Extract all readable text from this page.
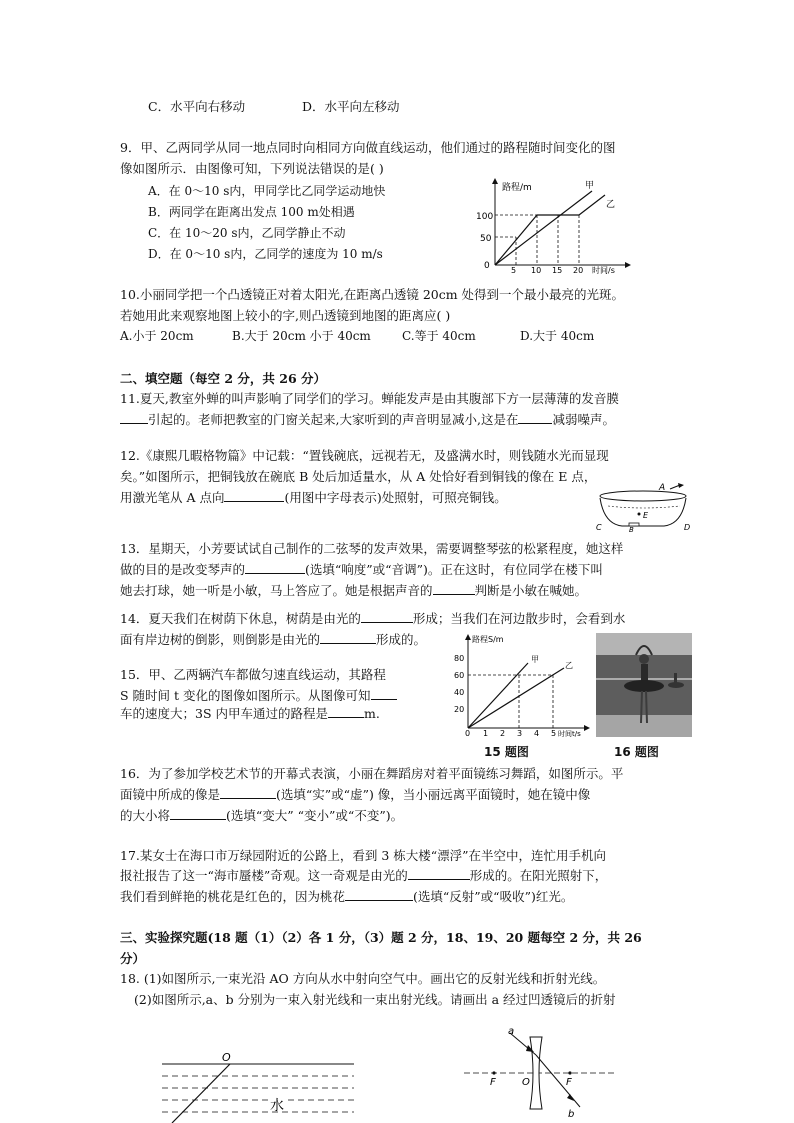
C．水平向右移动	D．水平向左移动
9．甲、乙两同学从同一地点同时向相同方向做直线运动，他们通过的路程随时间变化的图
像如图所示．由图像可知，下列说法错误的是( )
A．在 0～10 s内，甲同学比乙同学运动地快
B．两同学在距离出发点 100 m处相遇
C．在 10～20 s内，乙同学静止不动
D．在 0～10 s内，乙同学的速度为 10 m/s
路程/m
时间/s
100
50
0	5 10 15 20
甲
乙
10.小丽同学把一个凸透镜正对着太阳光,在距离凸透镜 20cm 处得到一个最小最亮的光斑。
若她用此来观察地图上较小的字,则凸透镜到地图的距离应( )
A.小于 20cm	B.大于 20cm 小于 40cm	C.等于 40cm	D.大于 40cm
二、填空题（每空 2 分，共 26 分）
11.夏天,教室外蝉的叫声影响了同学们的学习。蝉能发声是由其腹部下方一层薄薄的发音膜
引起的。老师把教室的门窗关起来,大家听到的声音明显减小,这是在	减弱噪声。
12.《康熙几暇格物篇》中记载：“置钱碗底，远视若无，及盛满水时，则钱随水光而显现
矣。”如图所示，把铜钱放在碗底 B 处后加适量水，从 A 处恰好看到铜钱的像在 E 点，
用激光笔从 A 点向	(用图中字母表示)处照射，可照亮铜钱。
A
C	D
E
B
13．星期天，小芳要试试自己制作的二弦琴的发声效果，需要调整琴弦的松紧程度，她这样
做的目的是改变琴声的	(选填“响度”或“音调”)。正在这时，有位同学在楼下叫
她去打球，她一听是小敏，马上答应了。她是根据声音的	判断是小敏在喊她。
14．夏天我们在树荫下休息，树荫是由光的	形成；当我们在河边散步时，会看到水
面有岸边树的倒影，则倒影是由光的	形成的。
15．甲、乙两辆汽车都做匀速直线运动，其路程
S 随时间 t 变化的图像如图所示。从图像可知
车的速度大；3S 内甲车通过的路程是	m.
路程S/m
时间t/s
80
60
40
20
0 1 2 3 4 5
甲
乙
15 题图	16 题图
16．为了参加学校艺术节的开幕式表演，小丽在舞蹈房对着平面镜练习舞蹈，如图所示。平
面镜中所成的像是	(选填“实”或“虚”) 像，当小丽远离平面镜时，她在镜中像
的大小将	(选填“变大” “变小”或“不变”)。
17.某女士在海口市万绿园附近的公路上，看到 3 栋大楼“漂浮”在半空中，连忙用手机向
报社报告了这一“海市蜃楼”奇观。这一奇观是由光的	形成的。在阳光照射下，
我们看到鲜艳的桃花是红色的，因为桃花	(选填“反射”或“吸收”)红光。
三、实验探究题(18 题（1）（2）各 1 分，（3）题 2 分，18、19、20 题每空 2 分，共 26
分）
18. (1)如图所示,一束光沿 AO 方向从水中射向空气中。画出它的反射光线和折射光线。
(2)如图所示,a、b 分别为一束入射光线和一束出射光线。请画出 a 经过凹透镜后的折射
O
水
a
b
F	O	F
